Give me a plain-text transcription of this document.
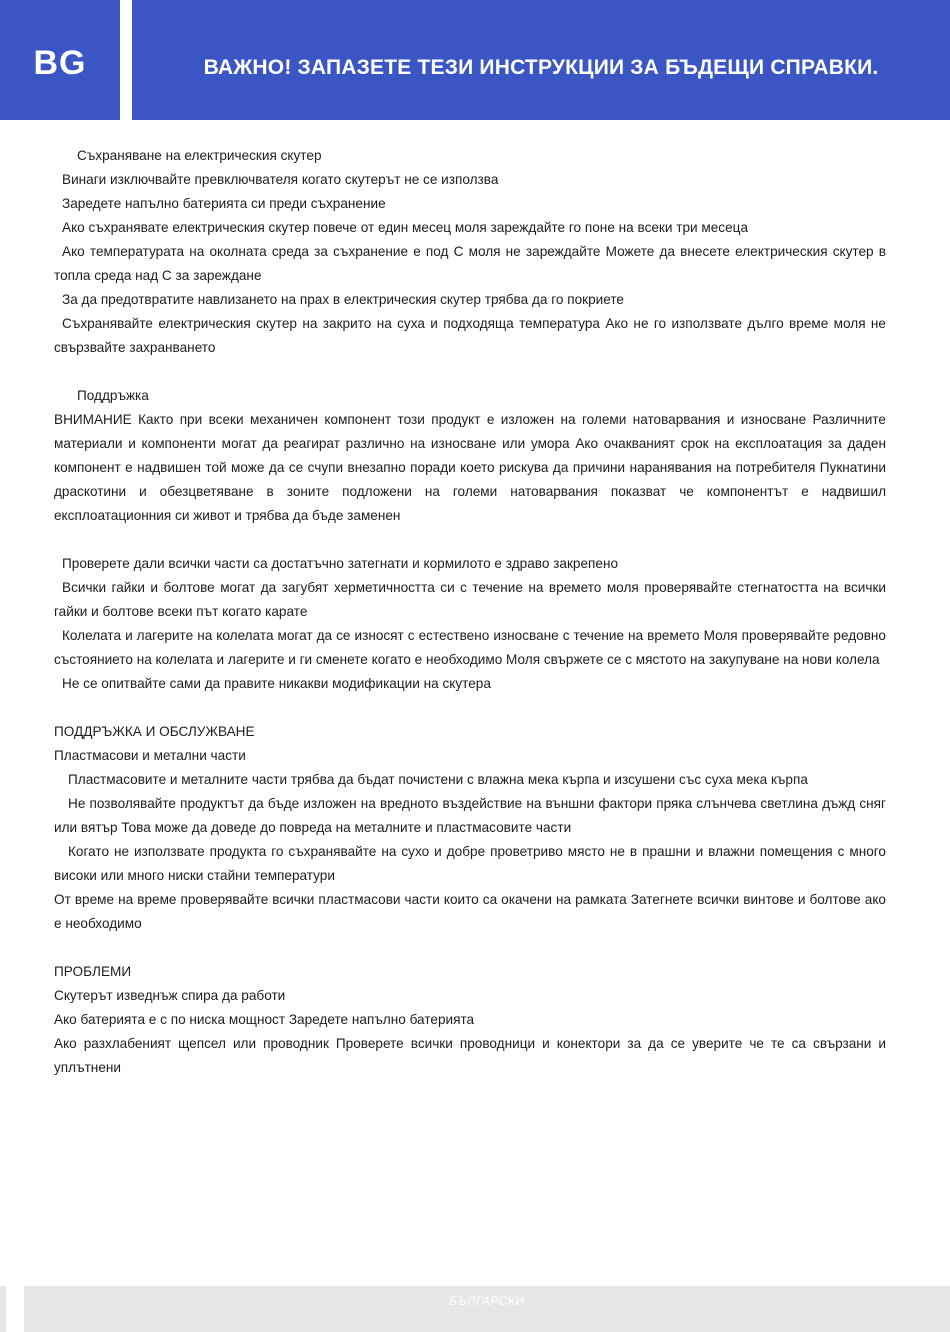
BG	ВАЖНО! ЗАПАЗЕТЕ ТЕЗИ ИНСТРУКЦИИ ЗА БЪДЕЩИ СПРАВКИ.

Съхраняване на електрическия скутер

Винаги изключвайте превключвателя когато скутерът не се използва

Заредете напълно батерията си преди съхранение

Ако съхранявате електрическия скутер повече от един месец моля зареждайте го поне на всеки три месеца

Ако температурата на околната среда за съхранение е под С моля не зареждайте Можете да внесете електрическия скутер в топла среда над С за зареждане

За да предотвратите навлизането на прах в електрическия скутер трябва да го покриете

Съхранявайте електрическия скутер на закрито на суха и подходяща температура Ако не го използвате дълго време моля не свързвайте захранването

Поддръжка

ВНИМАНИЕ Както при всеки механичен компонент този продукт е изложен на големи натоварвания и износване Различните материали и компоненти могат да реагират различно на износване или умора Ако очакваният срок на експлоатация за даден компонент е надвишен той може да се счупи внезапно поради което рискува да причини наранявания на потребителя Пукнатини драскотини и обезцветяване в зоните подложени на големи натоварвания показват че компонентът е надвишил експлоатационния си живот и трябва да бъде заменен

Проверете дали всички части са достатъчно затегнати и кормилото е здраво закрепено

Всички гайки и болтове могат да загубят херметичността си с течение на времето моля проверявайте стегнатостта на всички гайки и болтове всеки път когато карате

Колелата и лагерите на колелата могат да се износят с естествено износване с течение на времето Моля проверявайте редовно състоянието на колелата и лагерите и ги сменете когато е необходимо Моля свържете се с мястото на закупуване на нови колела

Не се опитвайте сами да правите никакви модификации на скутера

ПОДДРЪЖКА И ОБСЛУЖВАНЕ

Пластмасови и метални части

Пластмасовите и металните части трябва да бъдат почистени с влажна мека кърпа и изсушени със суха мека кърпа

Не позволявайте продуктът да бъде изложен на вредното въздействие на външни фактори пряка слънчева светлина дъжд сняг или вятър Това може да доведе до повреда на металните и пластмасовите части

Когато не използвате продукта го съхранявайте на сухо и добре проветриво място не в прашни и влажни помещения с много високи или много ниски стайни температури

От време на време проверявайте всички пластмасови части които са окачени на рамката Затегнете всички винтове и болтове ако е необходимо

ПРОБЛЕМИ

Скутерът изведнъж спира да работи

Ако батерията е с по ниска мощност Заредете напълно батерията

Ако разхлабеният щепсел или проводник Проверете всички проводници и конектори за да се уверите че те са свързани и уплътнени

БЪЛГАРСКИ
